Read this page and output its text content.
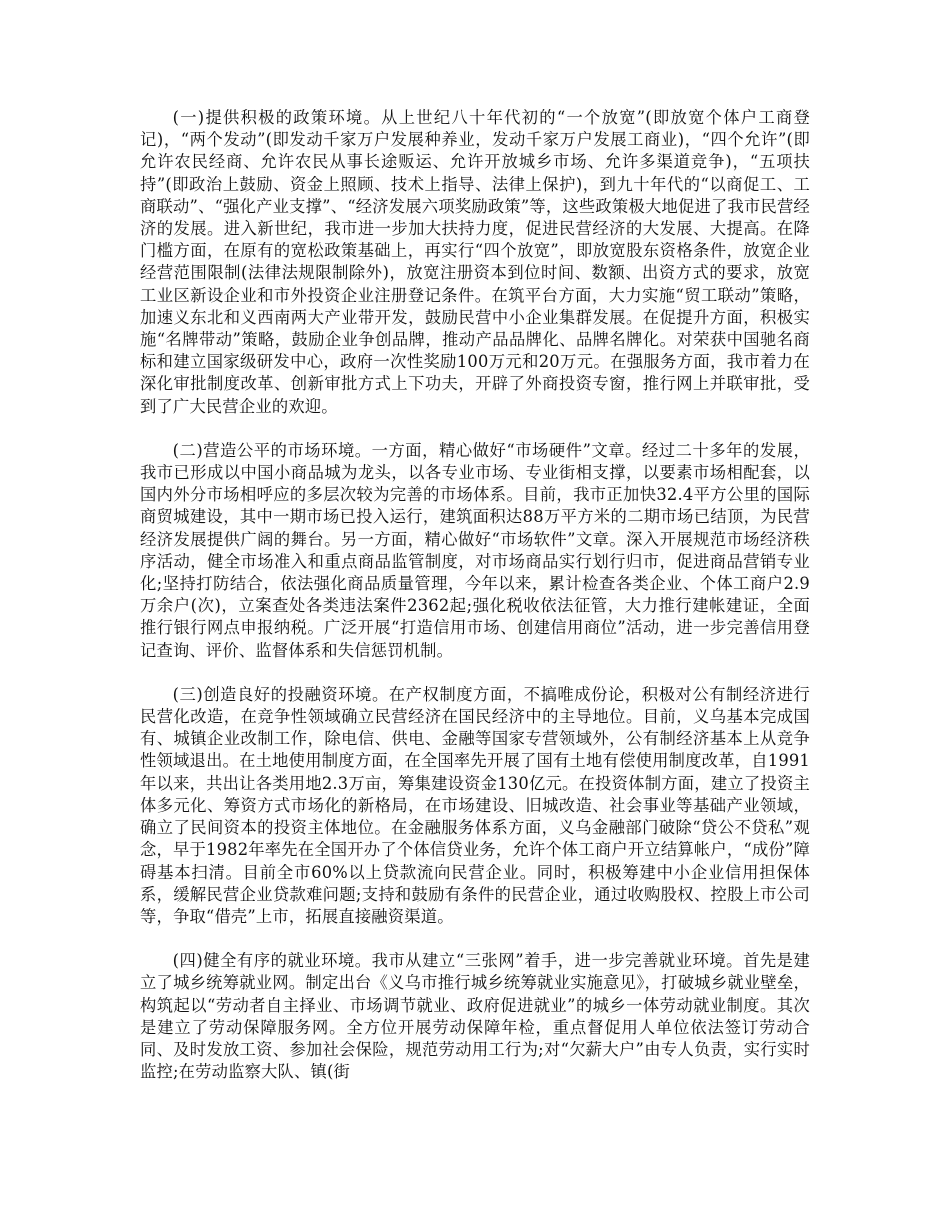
(一)提供积极的政策环境。从上世纪八十年代初的“一个放宽”(即放宽个体户工商登记)，“两个发动”(即发动千家万户发展种养业，发动千家万户发展工商业)，“四个允许”(即允许农民经商、允许农民从事长途贩运、允许开放城乡市场、允许多渠道竞争)，“五项扶持”(即政治上鼓励、资金上照顾、技术上指导、法律上保护)，到九十年代的“以商促工、工商联动”、“强化产业支撑”、“经济发展六项奖励政策”等，这些政策极大地促进了我市民营经济的发展。进入新世纪，我市进一步加大扶持力度，促进民营经济的大发展、大提高。在降门槛方面，在原有的宽松政策基础上，再实行“四个放宽”，即放宽股东资格条件，放宽企业经营范围限制(法律法规限制除外)，放宽注册资本到位时间、数额、出资方式的要求，放宽工业区新设企业和市外投资企业注册登记条件。在筑平台方面，大力实施“贸工联动”策略，加速义东北和义西南两大产业带开发，鼓励民营中小企业集群发展。在促提升方面，积极实施“名牌带动”策略，鼓励企业争创品牌，推动产品品牌化、品牌名牌化。对荣获中国驰名商标和建立国家级研发中心，政府一次性奖励100万元和20万元。在强服务方面，我市着力在深化审批制度改革、创新审批方式上下功夫，开辟了外商投资专窗，推行网上并联审批，受到了广大民营企业的欢迎。

(二)营造公平的市场环境。一方面，精心做好“市场硬件”文章。经过二十多年的发展，我市已形成以中国小商品城为龙头，以各专业市场、专业街相支撑，以要素市场相配套，以国内外分市场相呼应的多层次较为完善的市场体系。目前，我市正加快32.4平方公里的国际商贸城建设，其中一期市场已投入运行，建筑面积达88万平方米的二期市场已结顶，为民营经济发展提供广阔的舞台。另一方面，精心做好“市场软件”文章。深入开展规范市场经济秩序活动，健全市场准入和重点商品监管制度，对市场商品实行划行归市，促进商品营销专业化;坚持打防结合，依法强化商品质量管理，今年以来，累计检查各类企业、个体工商户2.9万余户(次)，立案查处各类违法案件2362起;强化税收依法征管，大力推行建帐建证，全面推行银行网点申报纳税。广泛开展“打造信用市场、创建信用商位”活动，进一步完善信用登记查询、评价、监督体系和失信惩罚机制。

(三)创造良好的投融资环境。在产权制度方面，不搞唯成份论，积极对公有制经济进行民营化改造，在竞争性领域确立民营经济在国民经济中的主导地位。目前，义乌基本完成国有、城镇企业改制工作，除电信、供电、金融等国家专营领域外，公有制经济基本上从竞争性领域退出。在土地使用制度方面，在全国率先开展了国有土地有偿使用制度改革，自1991年以来，共出让各类用地2.3万亩，筹集建设资金130亿元。在投资体制方面，建立了投资主体多元化、筹资方式市场化的新格局，在市场建设、旧城改造、社会事业等基础产业领域，确立了民间资本的投资主体地位。在金融服务体系方面，义乌金融部门破除“贷公不贷私”观念，早于1982年率先在全国开办了个体信贷业务，允许个体工商户开立结算帐户，“成份”障碍基本扫清。目前全市60%以上贷款流向民营企业。同时，积极筹建中小企业信用担保体系，缓解民营企业贷款难问题;支持和鼓励有条件的民营企业，通过收购股权、控股上市公司等，争取“借壳”上市，拓展直接融资渠道。

(四)健全有序的就业环境。我市从建立“三张网”着手，进一步完善就业环境。首先是建立了城乡统筹就业网。制定出台《义乌市推行城乡统筹就业实施意见》，打破城乡就业壁垒，构筑起以“劳动者自主择业、市场调节就业、政府促进就业”的城乡一体劳动就业制度。其次是建立了劳动保障服务网。全方位开展劳动保障年检，重点督促用人单位依法签订劳动合同、及时发放工资、参加社会保险，规范劳动用工行为;对“欠薪大户”由专人负责，实行实时监控;在劳动监察大队、镇(街
